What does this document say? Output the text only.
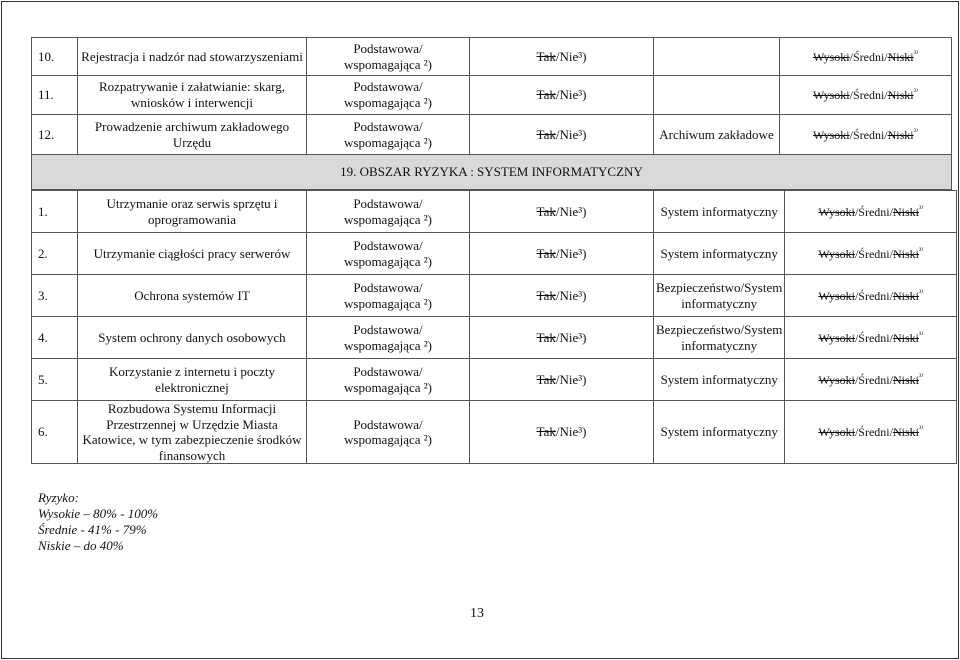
10.	Rejestracja i nadzór nad stowarzyszeniami	Podstawowa/
wspomagająca ²)	Tak/Nie³)		Wysoki/Średni/Niski$^{^{3)}}$
11.	Rozpatrywanie i załatwianie: skarg, wniosków i interwencji	Podstawowa/
wspomagająca ²)	Tak/Nie³)		Wysoki/Średni/Niski$^{^{3)}}$
12.	Prowadzenie archiwum zakładowego Urzędu	Podstawowa/
wspomagająca ²)	Tak/Nie³)	Archiwum zakładowe	Wysoki/Średni/Niski$^{^{3)}}$
19. OBSZAR RYZYKA : SYSTEM INFORMATYCZNY
1.	Utrzymanie oraz serwis sprzętu i oprogramowania	Podstawowa/
wspomagająca ²)	Tak/Nie³)	System informatyczny	Wysoki/Średni/Niski$^{^{3)}}$
2.	Utrzymanie ciągłości pracy serwerów	Podstawowa/
wspomagająca ²)	Tak/Nie³)	System informatyczny	Wysoki/Średni/Niski$^{^{3)}}$
3.	Ochrona systemów IT	Podstawowa/
wspomagająca ²)	Tak/Nie³)	Bezpieczeństwo/System informatyczny	Wysoki/Średni/Niski$^{^{3)}}$
4.	System ochrony danych osobowych	Podstawowa/
wspomagająca ²)	Tak/Nie³)	Bezpieczeństwo/System informatyczny	Wysoki/Średni/Niski$^{^{3)}}$
5.	Korzystanie z internetu i poczty elektronicznej	Podstawowa/
wspomagająca ²)	Tak/Nie³)	System informatyczny	Wysoki/Średni/Niski$^{^{3)}}$
6.	Rozbudowa Systemu Informacji Przestrzennej w Urzędzie Miasta Katowice, w tym zabezpieczenie środków finansowych	Podstawowa/
wspomagająca ²)	Tak/Nie³)	System informatyczny	Wysoki/Średni/Niski$^{^{3)}}$
Ryzyko:
Wysokie – 80% - 100%
Średnie - 41% - 79%
Niskie – do 40%
13
